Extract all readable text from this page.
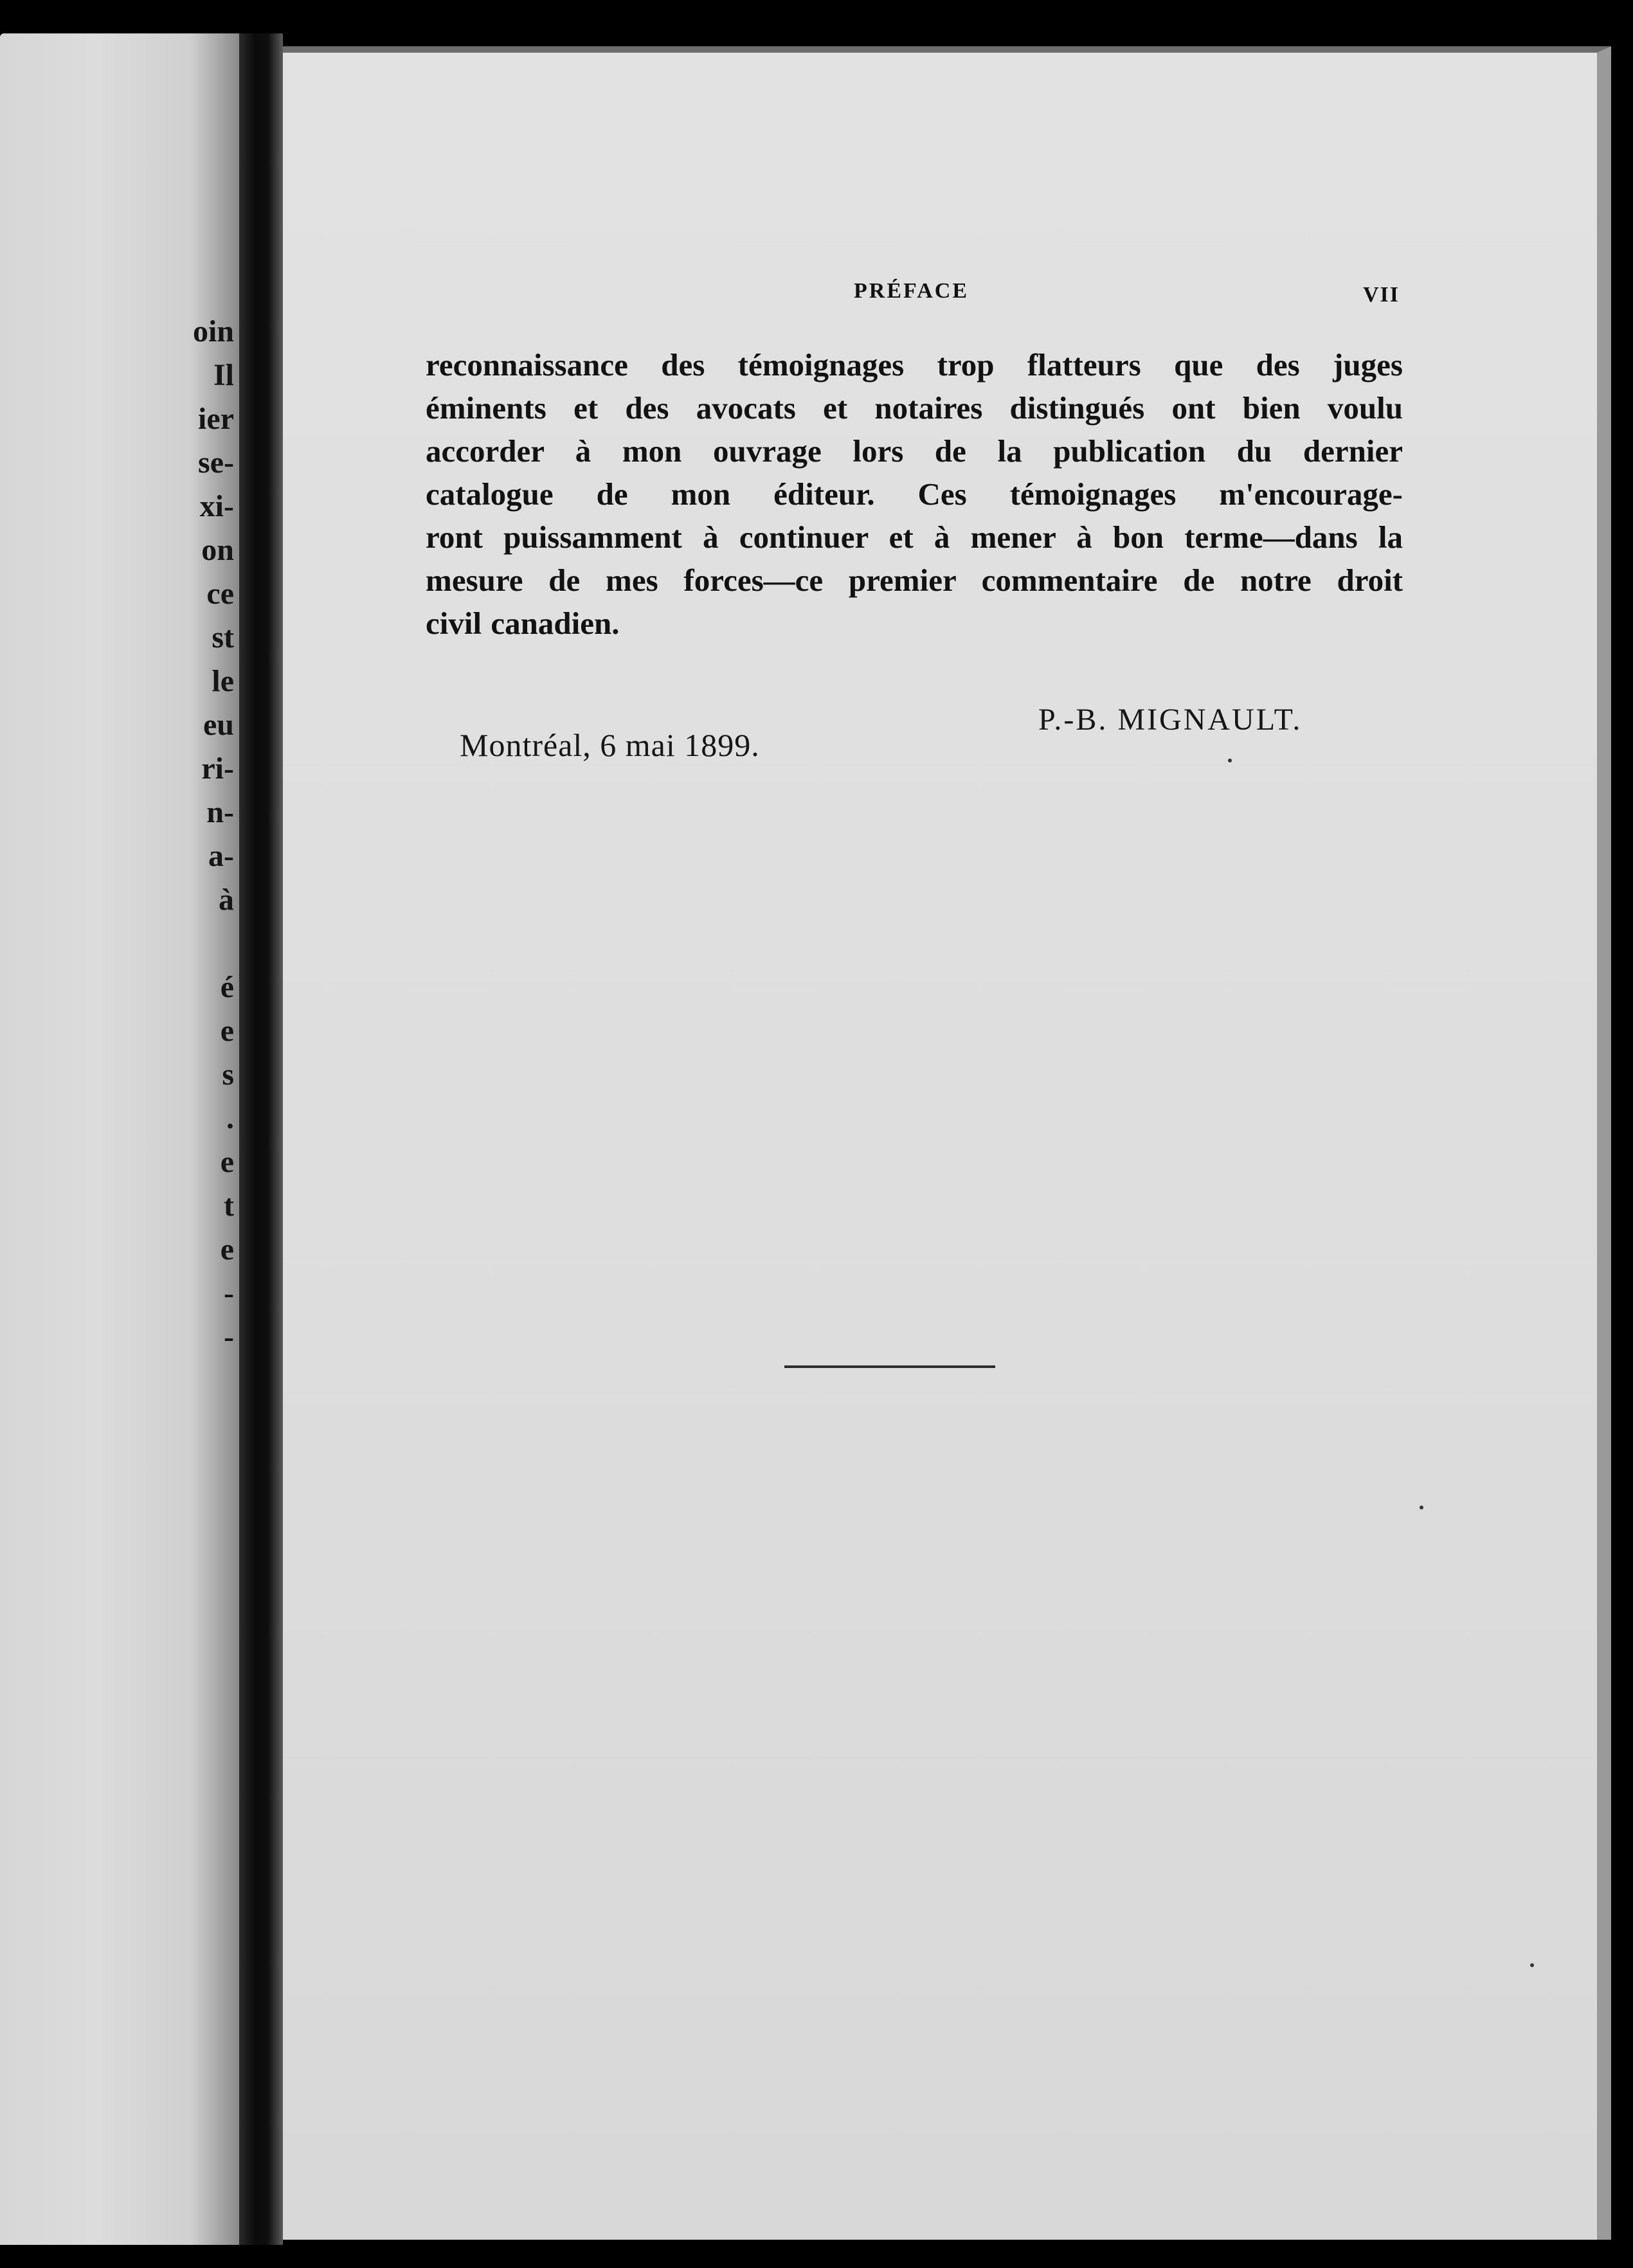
oin
Il
ier
se-
xi-
on
ce
st
le
eu
ri-
n-
a-
à

é
e
s
.
e
t
e
-
-
PRÉFACE	VII

reconnaissance des témoignages trop flatteurs que des juges
éminents et des avocats et notaires distingués ont bien voulu
accorder à mon ouvrage lors de la publication du dernier
catalogue de mon éditeur. Ces témoignages m'encourage-
ront puissamment à continuer et à mener à bon terme—dans la
mesure de mes forces—ce premier commentaire de notre droit
civil canadien.

P.-B. MIGNAULT.
Montréal, 6 mai 1899.
